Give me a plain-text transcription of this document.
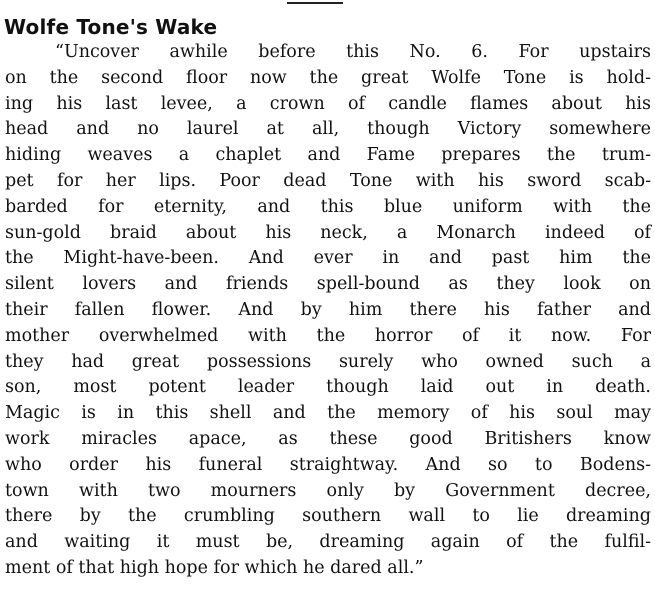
Wolfe Tone's Wake
“Uncover awhile before this No. 6. For upstairs
on the second floor now the great Wolfe Tone is hold-
ing his last levee, a crown of candle flames about his
head and no laurel at all, though Victory somewhere
hiding weaves a chaplet and Fame prepares the trum-
pet for her lips. Poor dead Tone with his sword scab-
barded for eternity, and this blue uniform with the
sun-gold braid about his neck, a Monarch indeed of
the Might-have-been. And ever in and past him the
silent lovers and friends spell-bound as they look on
their fallen flower. And by him there his father and
mother overwhelmed with the horror of it now. For
they had great possessions surely who owned such a
son, most potent leader though laid out in death.
Magic is in this shell and the memory of his soul may
work miracles apace, as these good Britishers know
who order his funeral straightway. And so to Bodens-
town with two mourners only by Government decree,
there by the crumbling southern wall to lie dreaming
and waiting it must be, dreaming again of the fulfil-
ment of that high hope for which he dared all.”
